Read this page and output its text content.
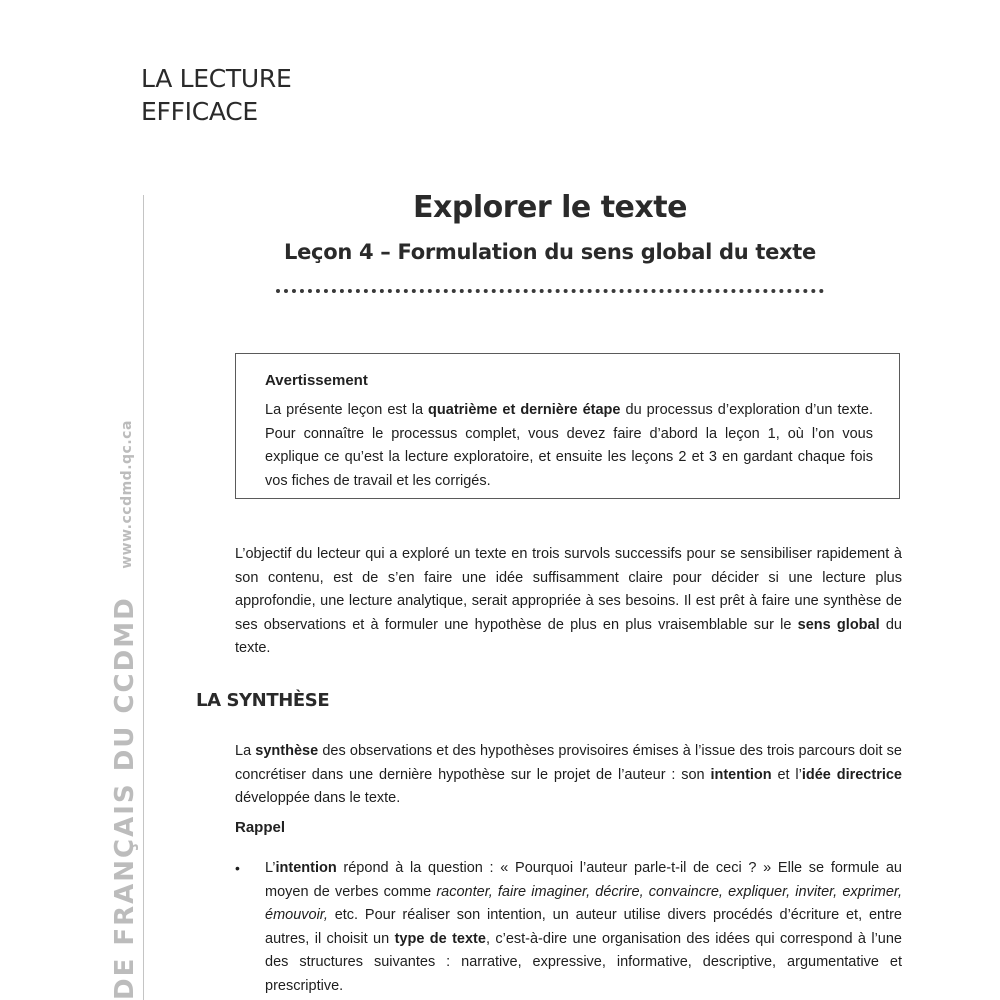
LA LECTURE
EFFICACE
DE FRANÇAIS DU CCDMD www.ccdmd.qc.ca
Explorer le texte
Leçon 4 – Formulation du sens global du texte
Avertissement
La présente leçon est la quatrième et dernière étape du processus d’exploration d’un texte. Pour connaître le processus complet, vous devez faire d’abord la leçon 1, où l’on vous explique ce qu’est la lecture exploratoire, et ensuite les leçons 2 et 3 en gardant chaque fois vos fiches de travail et les corrigés.
L’objectif du lecteur qui a exploré un texte en trois survols successifs pour se sensibiliser rapidement à son contenu, est de s’en faire une idée suffisamment claire pour décider si une lecture plus approfondie, une lecture analytique, serait appropriée à ses besoins. Il est prêt à faire une synthèse de ses observations et à formuler une hypothèse de plus en plus vraisemblable sur le sens global du texte.
LA SYNTHÈSE
La synthèse des observations et des hypothèses provisoires émises à l’issue des trois parcours doit se concrétiser dans une dernière hypothèse sur le projet de l’auteur : son intention et l’idée directrice développée dans le texte.
Rappel
• L’intention répond à la question : « Pourquoi l’auteur parle-t-il de ceci ? » Elle se formule au moyen de verbes comme raconter, faire imaginer, décrire, convaincre, expliquer, inviter, exprimer, émouvoir, etc. Pour réaliser son intention, un auteur utilise divers procédés d’écriture et, entre autres, il choisit un type de texte, c’est-à-dire une organisation des idées qui correspond à l’une des structures suivantes : narrative, expressive, informative, descriptive, argumentative et prescriptive.
